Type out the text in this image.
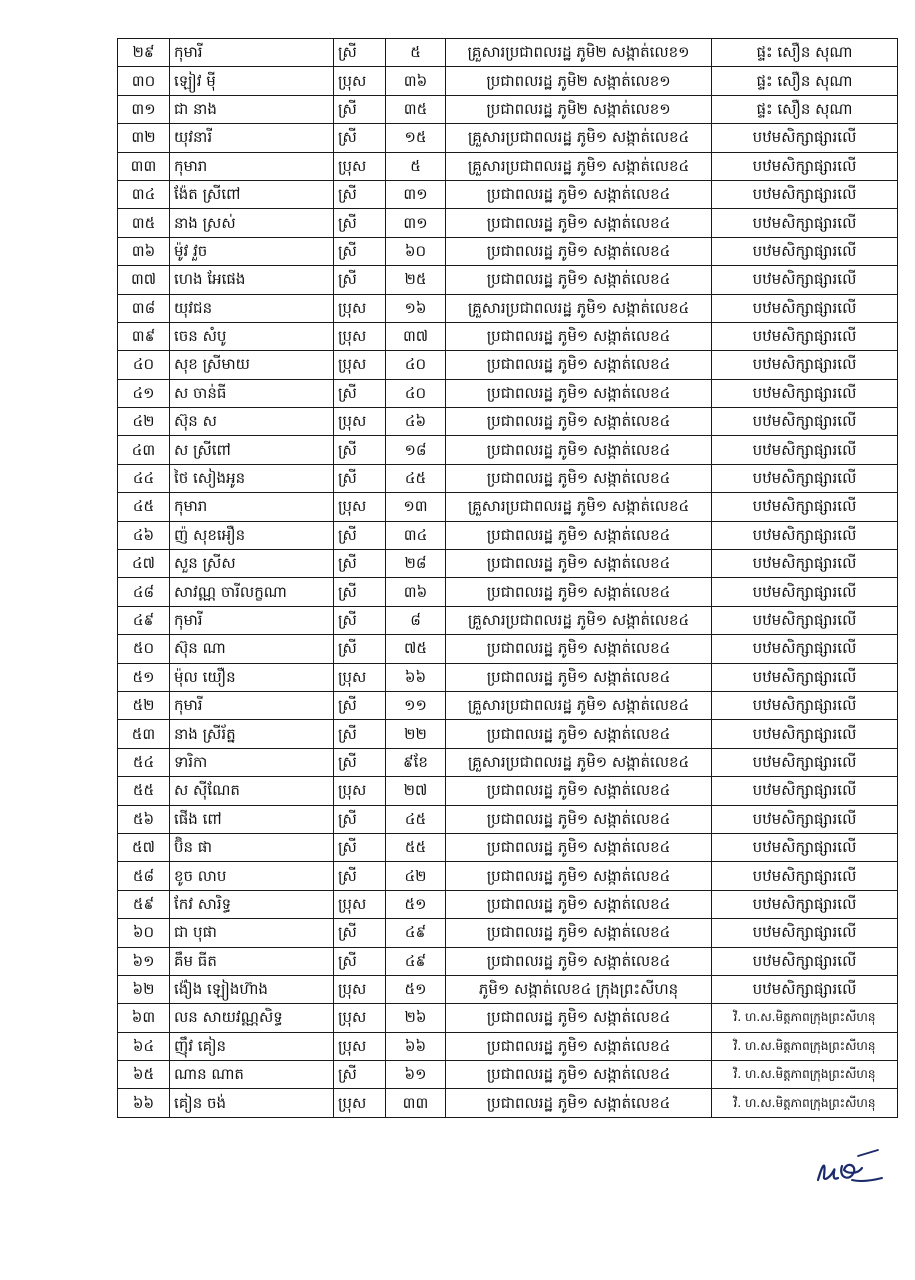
២៩	កុមារី	ស្រី	៥	គ្រួសារប្រជាពលរដ្ឋ ភូមិ២ សង្កាត់លេខ១	ផ្ទះ សឿន សុណា
៣០	ឡៀវ ម៉ី	ប្រុស	៣៦	ប្រជាពលរដ្ឋ ភូមិ២ សង្កាត់លេខ១	ផ្ទះ សឿន សុណា
៣១	ជា នាង	ស្រី	៣៥	ប្រជាពលរដ្ឋ ភូមិ២ សង្កាត់លេខ១	ផ្ទះ សឿន សុណា
៣២	យុវនារី	ស្រី	១៥	គ្រួសារប្រជាពលរដ្ឋ ភូមិ១ សង្កាត់លេខ៤	បឋមសិក្សាផ្សារលើ
៣៣	កុមារា	ប្រុស	៥	គ្រួសារប្រជាពលរដ្ឋ ភូមិ១ សង្កាត់លេខ៤	បឋមសិក្សាផ្សារលើ
៣៤	ង៉ែត ស្រីពៅ	ស្រី	៣១	ប្រជាពលរដ្ឋ ភូមិ១ សង្កាត់លេខ៤	បឋមសិក្សាផ្សារលើ
៣៥	នាង ស្រស់	ស្រី	៣១	ប្រជាពលរដ្ឋ ភូមិ១ សង្កាត់លេខ៤	បឋមសិក្សាផ្សារលើ
៣៦	ម៉ូវ វួច	ស្រី	៦០	ប្រជាពលរដ្ឋ ភូមិ១ សង្កាត់លេខ៤	បឋមសិក្សាផ្សារលើ
៣៧	ហេង អែផេង	ស្រី	២៥	ប្រជាពលរដ្ឋ ភូមិ១ សង្កាត់លេខ៤	បឋមសិក្សាផ្សារលើ
៣៨	យុវជន	ប្រុស	១៦	គ្រួសារប្រជាពលរដ្ឋ ភូមិ១ សង្កាត់លេខ៤	បឋមសិក្សាផ្សារលើ
៣៩	ចេន សំបូ	ប្រុស	៣៧	ប្រជាពលរដ្ឋ ភូមិ១ សង្កាត់លេខ៤	បឋមសិក្សាផ្សារលើ
៤០	សុខ ស្រីមាយ	ប្រុស	៤០	ប្រជាពលរដ្ឋ ភូមិ១ សង្កាត់លេខ៤	បឋមសិក្សាផ្សារលើ
៤១	ស ចាន់ធី	ស្រី	៤០	ប្រជាពលរដ្ឋ ភូមិ១ សង្កាត់លេខ៤	បឋមសិក្សាផ្សារលើ
៤២	ស៊ុន ស	ប្រុស	៤៦	ប្រជាពលរដ្ឋ ភូមិ១ សង្កាត់លេខ៤	បឋមសិក្សាផ្សារលើ
៤៣	ស ស្រីពៅ	ស្រី	១៨	ប្រជាពលរដ្ឋ ភូមិ១ សង្កាត់លេខ៤	បឋមសិក្សាផ្សារលើ
៤៤	ថៃ សៀងអូន	ស្រី	៤៥	ប្រជាពលរដ្ឋ ភូមិ១ សង្កាត់លេខ៤	បឋមសិក្សាផ្សារលើ
៤៥	កុមារា	ប្រុស	១៣	គ្រួសារប្រជាពលរដ្ឋ ភូមិ១ សង្កាត់លេខ៤	បឋមសិក្សាផ្សារលើ
៤៦	ញ៉ សុខអឿន	ស្រី	៣៤	ប្រជាពលរដ្ឋ ភូមិ១ សង្កាត់លេខ៤	បឋមសិក្សាផ្សារលើ
៤៧	សួន ស្រីស	ស្រី	២៨	ប្រជាពលរដ្ឋ ភូមិ១ សង្កាត់លេខ៤	បឋមសិក្សាផ្សារលើ
៤៨	សាវណ្ណ ចារីលក្ខណា	ស្រី	៣៦	ប្រជាពលរដ្ឋ ភូមិ១ សង្កាត់លេខ៤	បឋមសិក្សាផ្សារលើ
៤៩	កុមារី	ស្រី	៨	គ្រួសារប្រជាពលរដ្ឋ ភូមិ១ សង្កាត់លេខ៤	បឋមសិក្សាផ្សារលើ
៥០	ស៊ុន ណា	ស្រី	៧៥	ប្រជាពលរដ្ឋ ភូមិ១ សង្កាត់លេខ៤	បឋមសិក្សាផ្សារលើ
៥១	ម៉ុល យឿន	ប្រុស	៦៦	ប្រជាពលរដ្ឋ ភូមិ១ សង្កាត់លេខ៤	បឋមសិក្សាផ្សារលើ
៥២	កុមារី	ស្រី	១១	គ្រួសារប្រជាពលរដ្ឋ ភូមិ១ សង្កាត់លេខ៤	បឋមសិក្សាផ្សារលើ
៥៣	នាង ស្រីរ័ត្ន	ស្រី	២២	ប្រជាពលរដ្ឋ ភូមិ១ សង្កាត់លេខ៤	បឋមសិក្សាផ្សារលើ
៥៤	ទារិកា	ស្រី	៩ខែ	គ្រួសារប្រជាពលរដ្ឋ ភូមិ១ សង្កាត់លេខ៤	បឋមសិក្សាផ្សារលើ
៥៥	ស ស៊ីណែត	ប្រុស	២៧	ប្រជាពលរដ្ឋ ភូមិ១ សង្កាត់លេខ៤	បឋមសិក្សាផ្សារលើ
៥៦	ផើង ពៅ	ស្រី	៤៥	ប្រជាពលរដ្ឋ ភូមិ១ សង្កាត់លេខ៤	បឋមសិក្សាផ្សារលើ
៥៧	ប៊ិន ផា	ស្រី	៥៥	ប្រជាពលរដ្ឋ ភូមិ១ សង្កាត់លេខ៤	បឋមសិក្សាផ្សារលើ
៥៨	ខូច លាប	ស្រី	៤២	ប្រជាពលរដ្ឋ ភូមិ១ សង្កាត់លេខ៤	បឋមសិក្សាផ្សារលើ
៥៩	កែវ សារិទ្ធ	ប្រុស	៥១	ប្រជាពលរដ្ឋ ភូមិ១ សង្កាត់លេខ៤	បឋមសិក្សាផ្សារលើ
៦០	ជា បុផា	ស្រី	៤៩	ប្រជាពលរដ្ឋ ភូមិ១ សង្កាត់លេខ៤	បឋមសិក្សាផ្សារលើ
៦១	គឹម ធីត	ស្រី	៤៩	ប្រជាពលរដ្ឋ ភូមិ១ សង្កាត់លេខ៤	បឋមសិក្សាផ្សារលើ
៦២	ង៉ៀង ឡៀងហ៊ាង	ប្រុស	៥១	ភូមិ១ សង្កាត់លេខ៤ ក្រុងព្រះសីហនុ	បឋមសិក្សាផ្សារលើ
៦៣	លន សាយវណ្ណសិទ្ធ	ប្រុស	២៦	ប្រជាពលរដ្ឋ ភូមិ១ សង្កាត់លេខ៤	វិ. ហ.ស.មិត្តភាពក្រុងព្រះសីហនុ
៦៤	ញ៉ឹវ គៀន	ប្រុស	៦៦	ប្រជាពលរដ្ឋ ភូមិ១ សង្កាត់លេខ៤	វិ. ហ.ស.មិត្តភាពក្រុងព្រះសីហនុ
៦៥	ណាន ណាត	ស្រី	៦១	ប្រជាពលរដ្ឋ ភូមិ១ សង្កាត់លេខ៤	វិ. ហ.ស.មិត្តភាពក្រុងព្រះសីហនុ
៦៦	គៀន ចង់	ប្រុស	៣៣	ប្រជាពលរដ្ឋ ភូមិ១ សង្កាត់លេខ៤	វិ. ហ.ស.មិត្តភាពក្រុងព្រះសីហនុ
